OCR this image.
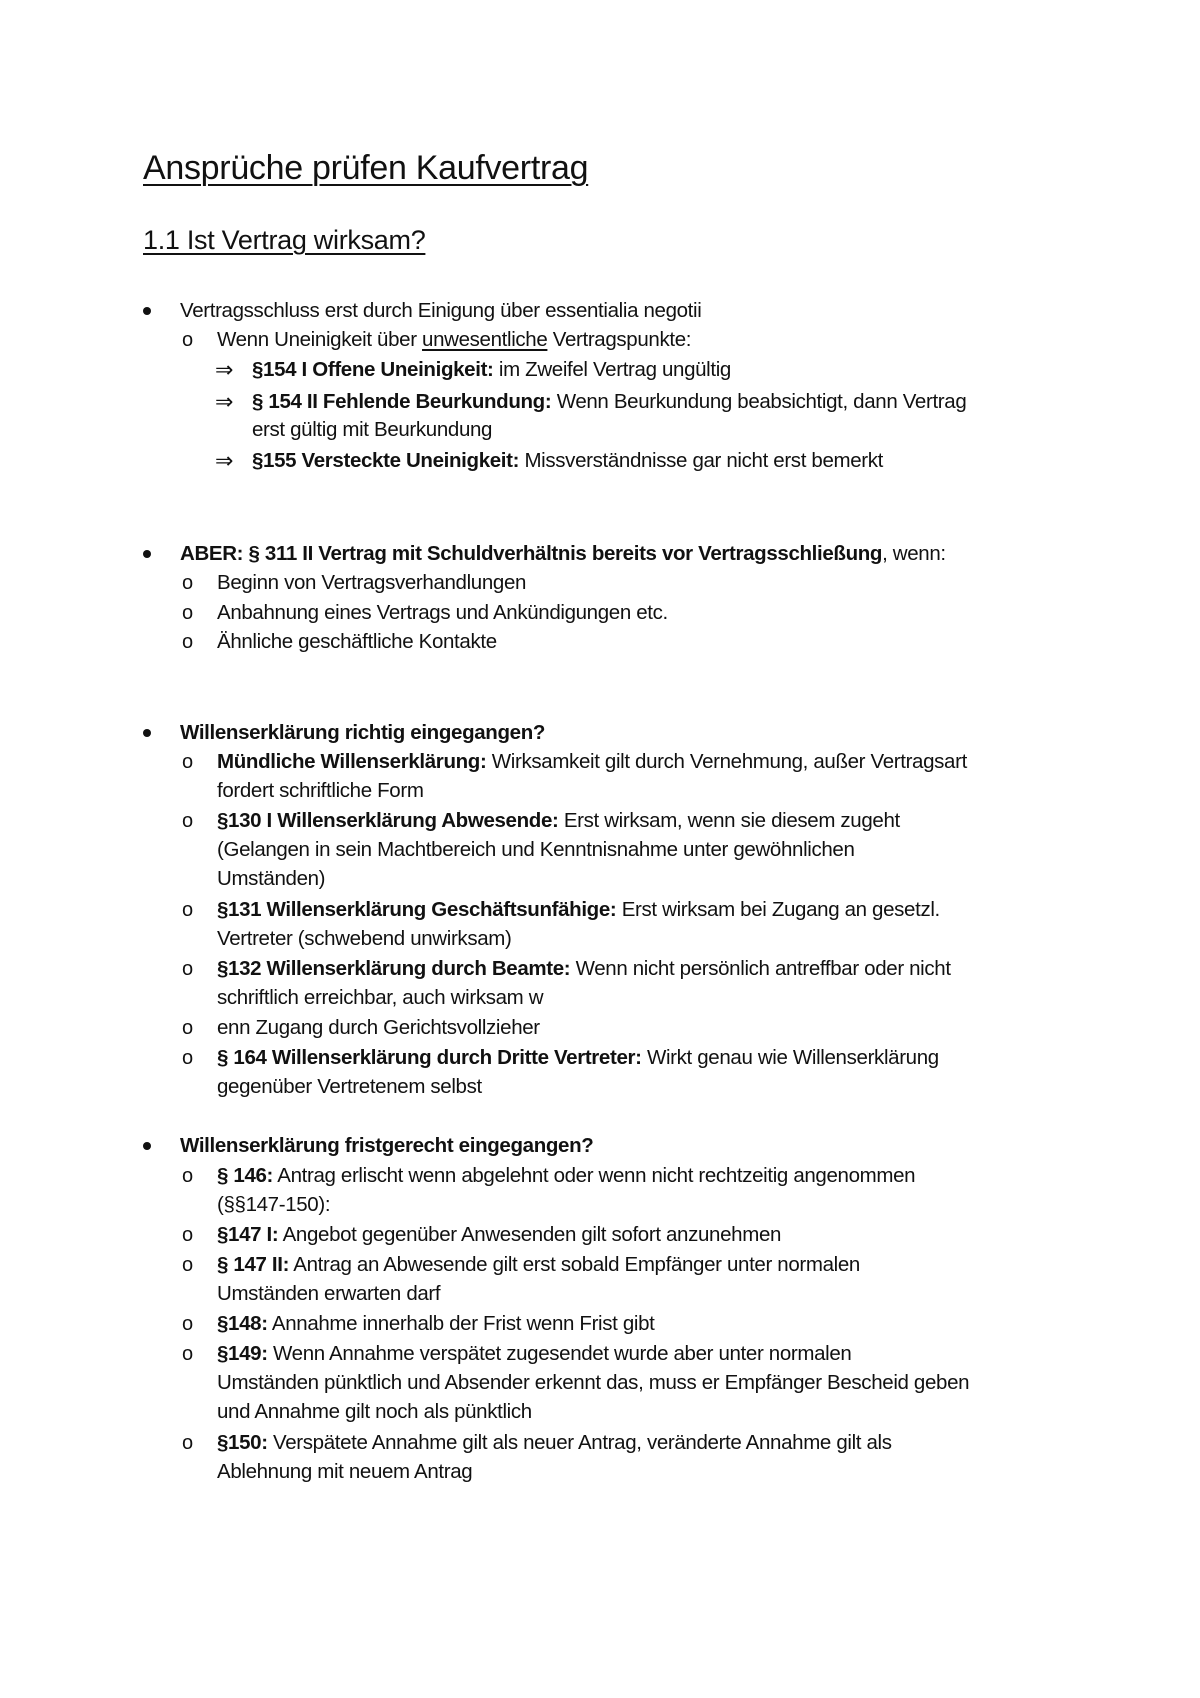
Ansprüche prüfen Kaufvertrag
1.1 Ist Vertrag wirksam?
Vertragsschluss erst durch Einigung über essentialia negotii
o Wenn Uneinigkeit über unwesentliche Vertragspunkte:
⇒ §154 I Offene Uneinigkeit: im Zweifel Vertrag ungültig
⇒ § 154 II Fehlende Beurkundung: Wenn Beurkundung beabsichtigt, dann Vertrag
erst gültig mit Beurkundung
⇒ §155 Versteckte Uneinigkeit: Missverständnisse gar nicht erst bemerkt
ABER: § 311 II Vertrag mit Schuldverhältnis bereits vor Vertragsschließung, wenn:
o Beginn von Vertragsverhandlungen
o Anbahnung eines Vertrags und Ankündigungen etc.
o Ähnliche geschäftliche Kontakte
Willenserklärung richtig eingegangen?
o Mündliche Willenserklärung: Wirksamkeit gilt durch Vernehmung, außer Vertragsart
fordert schriftliche Form
o §130 I Willenserklärung Abwesende: Erst wirksam, wenn sie diesem zugeht
(Gelangen in sein Machtbereich und Kenntnisnahme unter gewöhnlichen
Umständen)
o §131 Willenserklärung Geschäftsunfähige: Erst wirksam bei Zugang an gesetzl.
Vertreter (schwebend unwirksam)
o §132 Willenserklärung durch Beamte: Wenn nicht persönlich antreffbar oder nicht
schriftlich erreichbar, auch wirksam w
o enn Zugang durch Gerichtsvollzieher
o § 164 Willenserklärung durch Dritte Vertreter: Wirkt genau wie Willenserklärung
gegenüber Vertretenem selbst
Willenserklärung fristgerecht eingegangen?
o § 146: Antrag erlischt wenn abgelehnt oder wenn nicht rechtzeitig angenommen
(§§147-150):
o §147 I: Angebot gegenüber Anwesenden gilt sofort anzunehmen
o § 147 II: Antrag an Abwesende gilt erst sobald Empfänger unter normalen
Umständen erwarten darf
o §148: Annahme innerhalb der Frist wenn Frist gibt
o §149: Wenn Annahme verspätet zugesendet wurde aber unter normalen
Umständen pünktlich und Absender erkennt das, muss er Empfänger Bescheid geben
und Annahme gilt noch als pünktlich
o §150: Verspätete Annahme gilt als neuer Antrag, veränderte Annahme gilt als
Ablehnung mit neuem Antrag
